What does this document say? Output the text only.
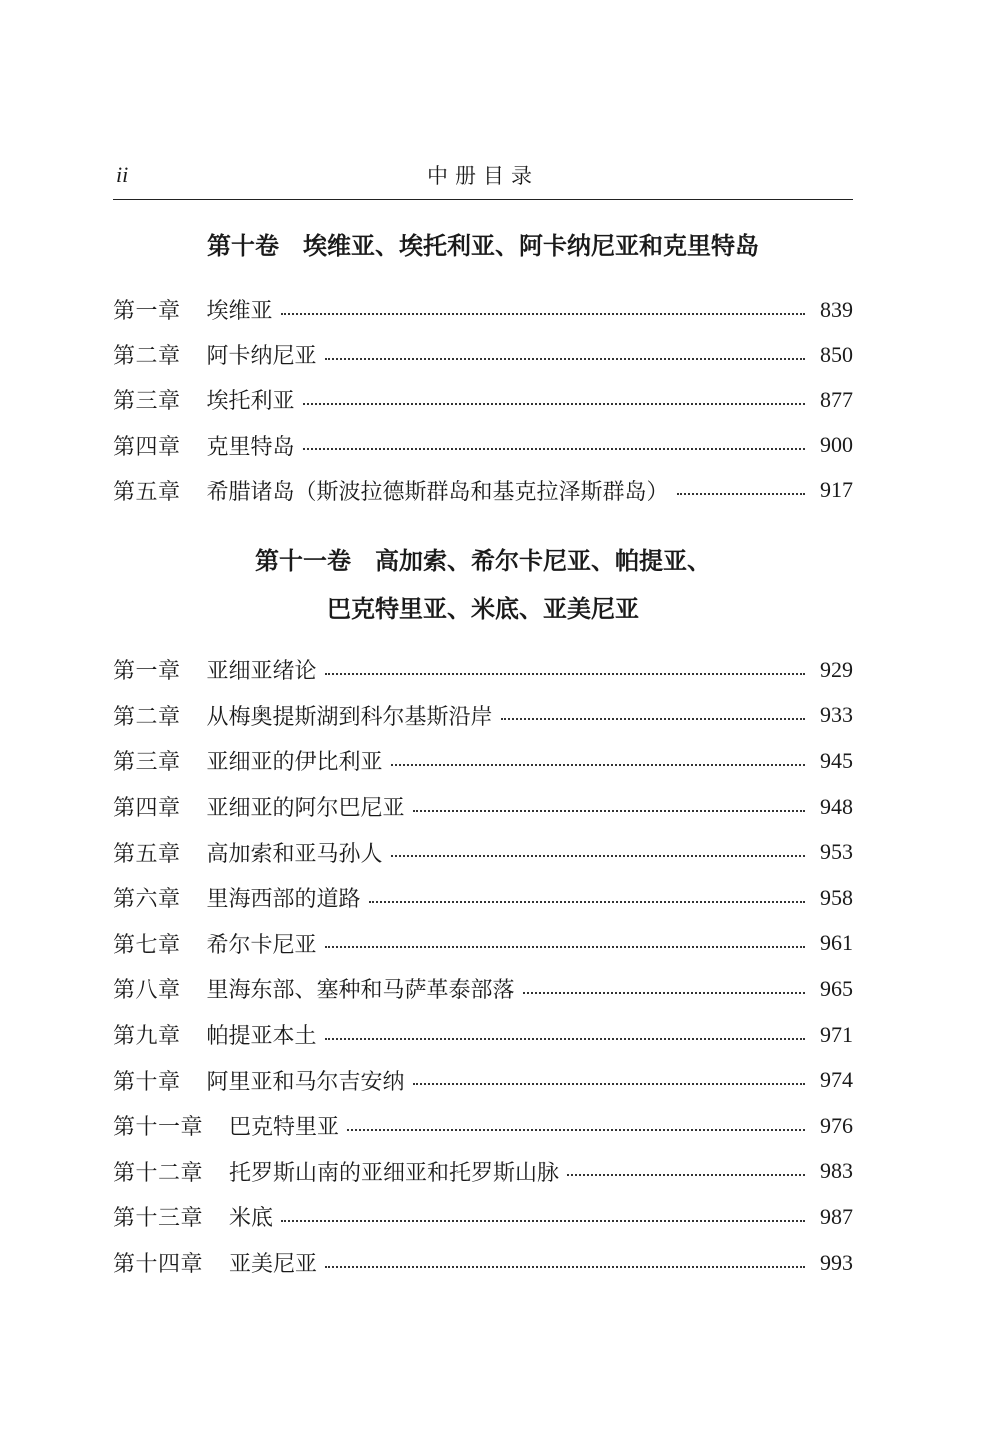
ii	中册目录
第十卷　埃维亚、埃托利亚、阿卡纳尼亚和克里特岛
第一章 埃维亚	839
第二章 阿卡纳尼亚	850
第三章 埃托利亚	877
第四章 克里特岛	900
第五章 希腊诸岛（斯波拉德斯群岛和基克拉泽斯群岛）	917
第十一卷　高加索、希尔卡尼亚、帕提亚、
巴克特里亚、米底、亚美尼亚
第一章 亚细亚绪论	929
第二章 从梅奥提斯湖到科尔基斯沿岸	933
第三章 亚细亚的伊比利亚	945
第四章 亚细亚的阿尔巴尼亚	948
第五章 高加索和亚马孙人	953
第六章 里海西部的道路	958
第七章 希尔卡尼亚	961
第八章 里海东部、塞种和马萨革泰部落	965
第九章 帕提亚本土	971
第十章 阿里亚和马尔吉安纳	974
第十一章 巴克特里亚	976
第十二章 托罗斯山南的亚细亚和托罗斯山脉	983
第十三章 米底	987
第十四章 亚美尼亚	993
